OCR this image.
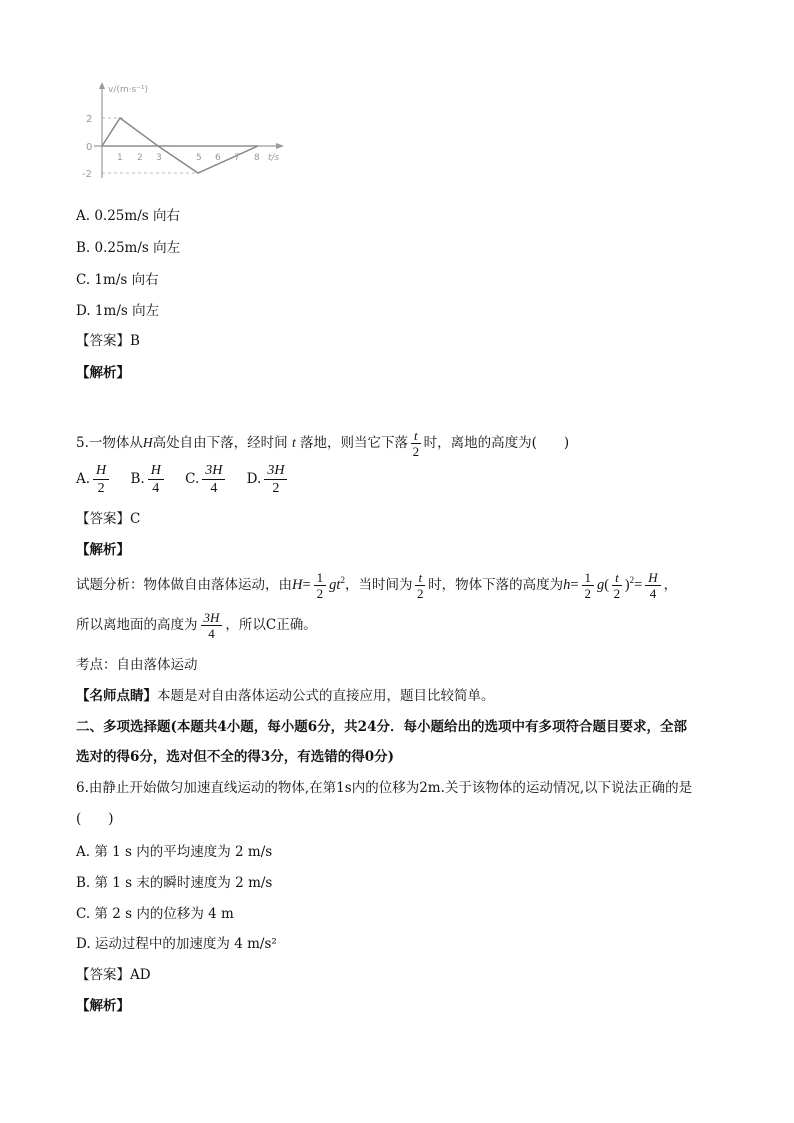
v/(m·s⁻¹)
2
0
-2
1 2 3	5 6 7 8 t/s
A. 0.25m/s 向右
B. 0.25m/s 向左
C. 1m/s 向右
D. 1m/s 向左
【答案】B
【解析】
5.一物体从H高处自由下落，经时间 t 落地，则当它下落 $\frac{t}{2}$ 时，离地的高度为(　　)
A. $\frac{H}{2} B$. $\frac{H}{4} C$. $\frac{3H}{4} D$. $\frac{3H}{2}$
【答案】C
【解析】
试题分析：物体做自由落体运动，由$H= \frac{1}{2} gt^2$，当时间为 $\frac{t}{2}$ 时，物体下落的高度为$h= \frac{1}{2} g( \frac{t}{2} )^2= \frac{H}{4}$ ，
所以离地面的高度为 $\frac{3H}{4}$ ，所以C正确。
考点：自由落体运动
【名师点睛】本题是对自由落体运动公式的直接应用，题目比较简单。
二、多项选择题(本题共4小题，每小题6分，共24分．每小题给出的选项中有多项符合题目要求，全部
选对的得6分，选对但不全的得3分，有选错的得0分)
6.由静止开始做匀加速直线运动的物体,在第1s内的位移为2m.关于该物体的运动情况,以下说法正确的是
(　　)
A. 第 1 s 内的平均速度为 2 m/s
B. 第 1 s 末的瞬时速度为 2 m/s
C. 第 2 s 内的位移为 4 m
D. 运动过程中的加速度为 4 m/s²
【答案】AD
【解析】
